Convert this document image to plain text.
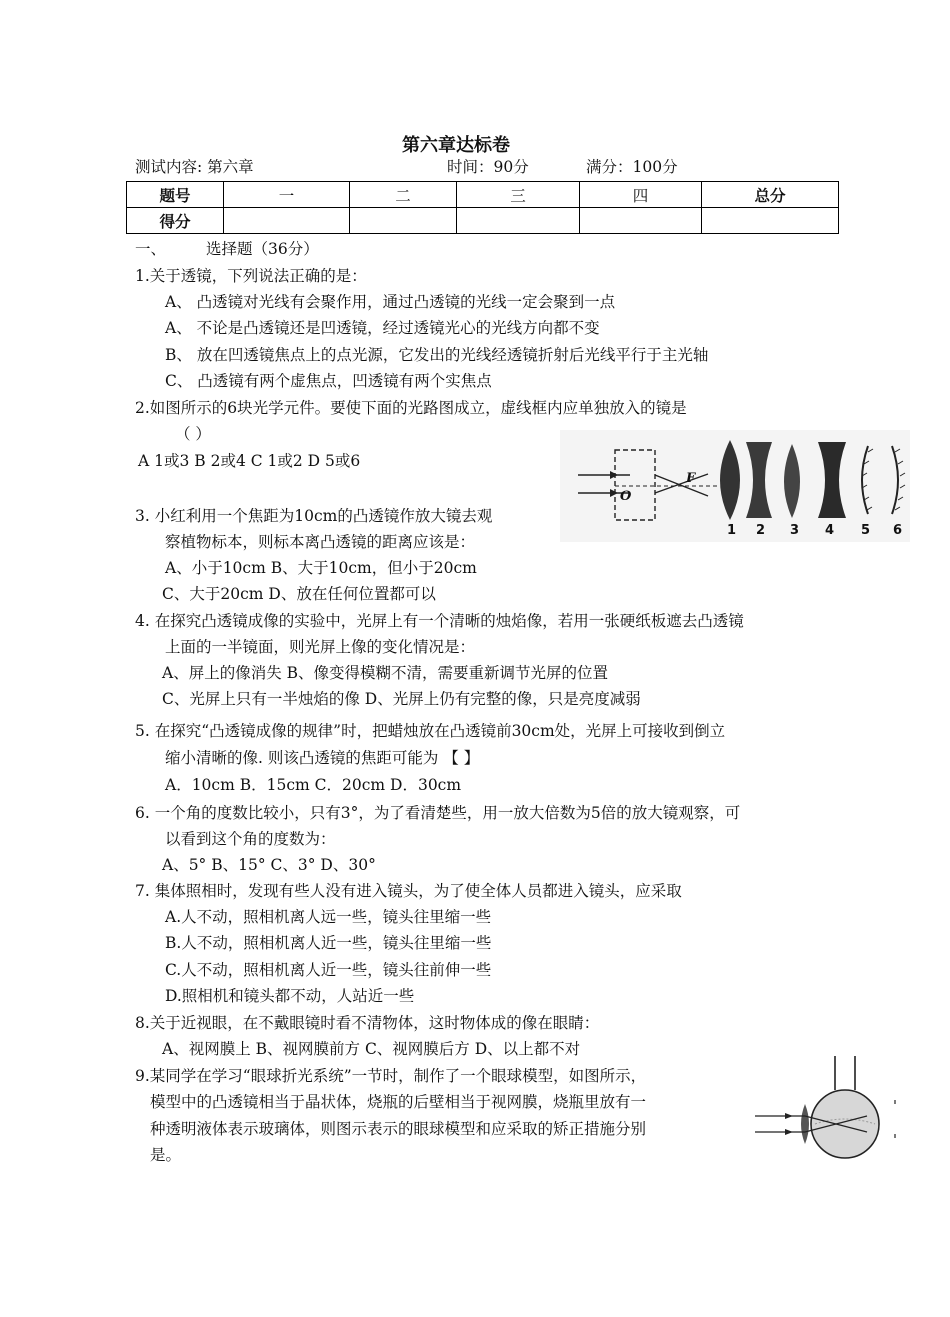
第六章达标卷
测试内容: 第六章	时间：90分	满分：100分
题号	一	二	三	四	总分
得分					
一、	选择题（36分）
1.关于透镜，下列说法正确的是：
A、 凸透镜对光线有会聚作用，通过凸透镜的光线一定会聚到一点
A、 不论是凸透镜还是凹透镜，经过透镜光心的光线方向都不变
B、 放在凹透镜焦点上的点光源，它发出的光线经透镜折射后光线平行于主光轴
C、 凸透镜有两个虚焦点，凹透镜有两个实焦点
2.如图所示的6块光学元件。要使下面的光路图成立，虚线框内应单独放入的镜是
（ ）
A 1或3 B 2或4 C 1或2 D 5或6
O
F
1 2 3 4 5 6
3. 小红利用一个焦距为10cm的凸透镜作放大镜去观
察植物标本，则标本离凸透镜的距离应该是：
A、小于10cm B、大于10cm，但小于20cm
C、大于20cm D、放在任何位置都可以
4. 在探究凸透镜成像的实验中，光屏上有一个清晰的烛焰像，若用一张硬纸板遮去凸透镜
上面的一半镜面，则光屏上像的变化情况是：
A、屏上的像消失 B、像变得模糊不清，需要重新调节光屏的位置
C、光屏上只有一半烛焰的像 D、光屏上仍有完整的像，只是亮度减弱
5. 在探究“凸透镜成像的规律”时，把蜡烛放在凸透镜前30cm处，光屏上可接收到倒立
缩小清晰的像. 则该凸透镜的焦距可能为 【 】
A．10cm B．15cm C．20cm D．30cm
6. 一个角的度数比较小，只有3°，为了看清楚些，用一放大倍数为5倍的放大镜观察，可
以看到这个角的度数为：
A、5° B、15° C、3° D、30°
7. 集体照相时，发现有些人没有进入镜头，为了使全体人员都进入镜头，应采取
A.人不动，照相机离人远一些，镜头往里缩一些
B.人不动，照相机离人近一些，镜头往里缩一些
C.人不动，照相机离人近一些，镜头往前伸一些
D.照相机和镜头都不动，人站近一些
8.关于近视眼，在不戴眼镜时看不清物体，这时物体成的像在眼睛：
A、视网膜上 B、视网膜前方 C、视网膜后方 D、以上都不对
9.某同学在学习“眼球折光系统”一节时，制作了一个眼球模型，如图所示，
模型中的凸透镜相当于晶状体，烧瓶的后壁相当于视网膜，烧瓶里放有一
种透明液体表示玻璃体，则图示表示的眼球模型和应采取的矫正措施分别
是。
